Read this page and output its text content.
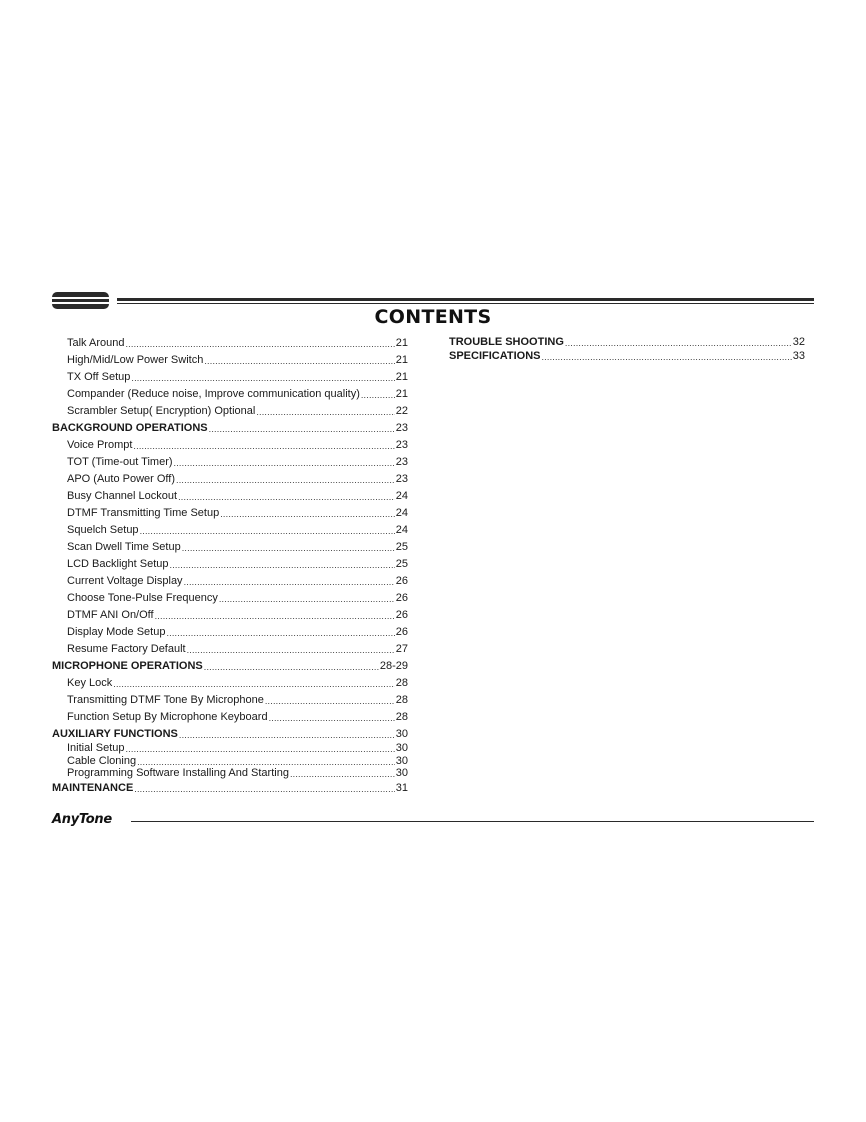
CONTENTS
Talk Around .....	21
High/Mid/Low Power Switch .....	21
TX Off Setup .....	21
Compander (Reduce noise, Improve communication quality) .....	21
Scrambler Setup( Encryption) Optional .....	22
BACKGROUND OPERATIONS .....	23
Voice Prompt .....	23
TOT (Time-out Timer) .....	23
APO (Auto Power Off) .....	23
Busy Channel Lockout .....	24
DTMF Transmitting Time Setup .....	24
Squelch Setup .....	24
Scan Dwell Time Setup .....	25
LCD Backlight Setup .....	25
Current Voltage Display .....	26
Choose Tone-Pulse Frequency .....	26
DTMF ANI On/Off .....	26
Display Mode Setup .....	26
Resume Factory Default .....	27
MICROPHONE OPERATIONS .....	28-29
Key Lock .....	28
Transmitting DTMF Tone By Microphone .....	28
Function Setup By Microphone Keyboard .....	28
AUXILIARY FUNCTIONS .....	30
Initial Setup .....	30
Cable Cloning .....	30
Programming Software Installing And Starting .....	30
MAINTENANCE .....	31
TROUBLE SHOOTING .....	32
SPECIFICATIONS .....	33
AnyTone
